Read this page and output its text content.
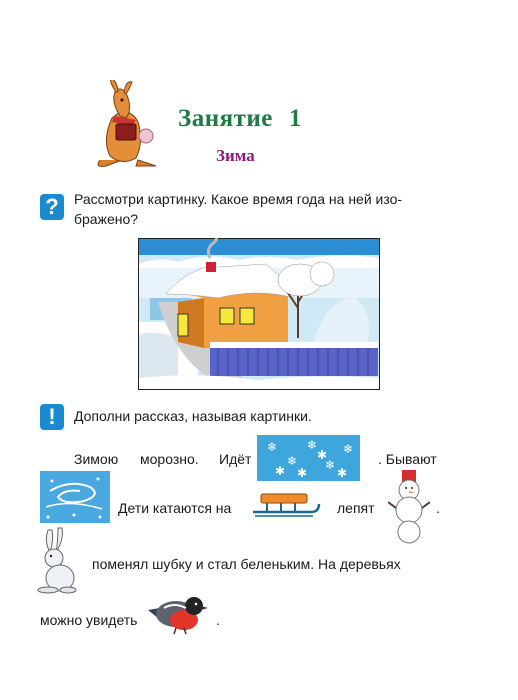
Занятие 1
Зима
?	Рассмотри картинку. Какое время года на ней изо-
бражено?
!	Дополни рассказ, называя картинки.
Зимою морозно. Идёт
❄
❄
❄
❄
❄
✱ ✱ ✱
✱	. Бывают
Дети катаются на	лепят	.
поменял шубку и стал беленьким. На деревьях
можно увидеть	.
